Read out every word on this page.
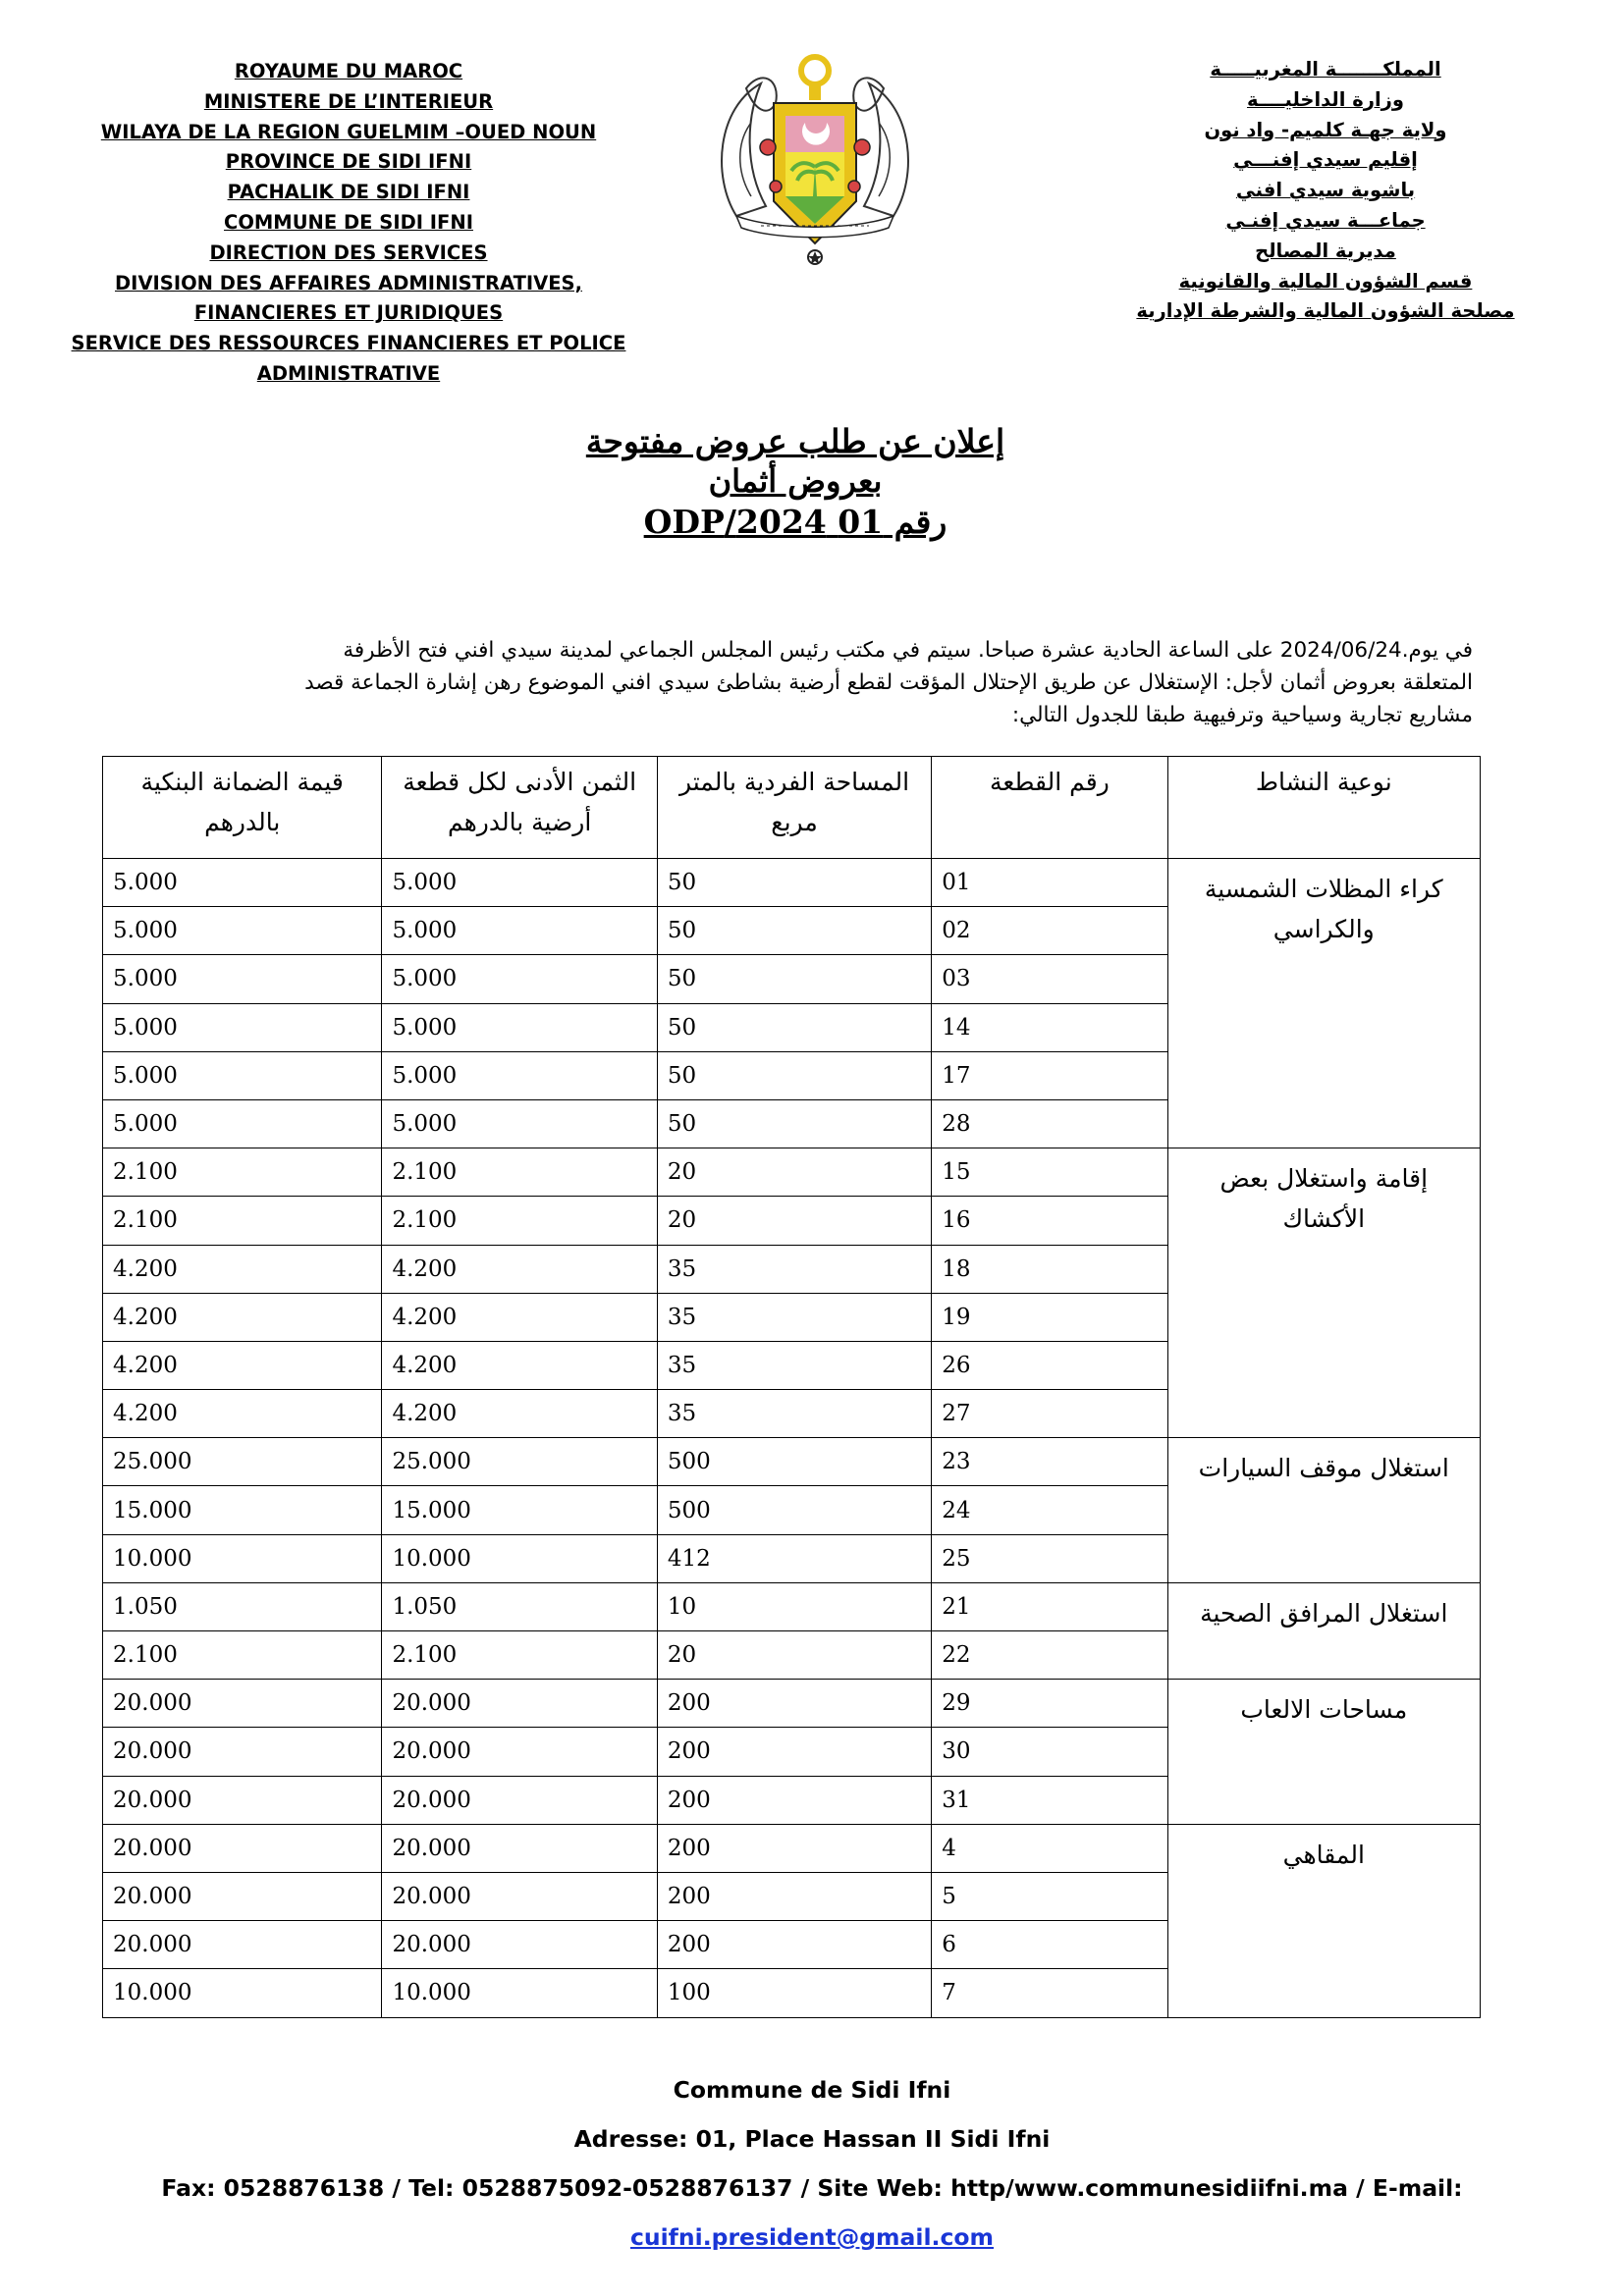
ROYAUME DU MAROC
MINISTERE DE L’INTERIEUR
WILAYA DE LA REGION GUELMIM –OUED NOUN
PROVINCE DE SIDI IFNI
PACHALIK DE SIDI IFNI
COMMUNE DE SIDI IFNI
DIRECTION DES SERVICES
DIVISION DES AFFAIRES ADMINISTRATIVES,
FINANCIERES ET JURIDIQUES
SERVICE DES RESSOURCES FINANCIERES ET POLICE
ADMINISTRATIVE
المملكـــــــة المغربيـــــة
وزارة الداخليــــة
ولاية جهـة كلميم- واد نون
إقليم سيدي إفنـــي
باشوية سيدي افني
جماعـــة سيدي إفنـي
مديرية المصالح
قسم الشؤون المالية والقانونية
مصلحة الشؤون المالية والشرطة الإدارية
إعلان عن طلب عروض مفتوحة
بعروض أثمان
رقم 01 2024/ODP
في يوم.2024/06/24 على الساعة الحادية عشرة صباحا. سيتم في مكتب رئيس المجلس الجماعي لمدينة سيدي افني فتح الأظرفة
المتعلقة بعروض أثمان لأجل: الإستغلال عن طريق الإحتلال المؤقت لقطع أرضية بشاطئ سيدي افني الموضوع رهن إشارة الجماعة قصد
مشاريع تجارية وسياحية وترفيهية طبقا للجدول التالي:
نوعية النشاط	رقم القطعة	المساحة الفردية بالمتر مربع	الثمن الأدنى لكل قطعة أرضية بالدرهم	قيمة الضمانة البنكية بالدرهم
كراء المظلات الشمسية والكراسي	01	50	5.000	5.000
	02	50	5.000	5.000
	03	50	5.000	5.000
	14	50	5.000	5.000
	17	50	5.000	5.000
	28	50	5.000	5.000
إقامة واستغلال بعض الأكشاك	15	20	2.100	2.100
	16	20	2.100	2.100
	18	35	4.200	4.200
	19	35	4.200	4.200
	26	35	4.200	4.200
	27	35	4.200	4.200
استغلال موقف السيارات	23	500	25.000	25.000
	24	500	15.000	15.000
	25	412	10.000	10.000
استغلال المرافق الصحية	21	10	1.050	1.050
	22	20	2.100	2.100
مساحات الالعاب	29	200	20.000	20.000
	30	200	20.000	20.000
	31	200	20.000	20.000
المقاهي	4	200	20.000	20.000
	5	200	20.000	20.000
	6	200	20.000	20.000
	7	100	10.000	10.000
Commune de Sidi Ifni
Adresse: 01, Place Hassan II Sidi Ifni
Fax: 0528876138 / Tel: 0528875092-0528876137 / Site Web: http/www.communesidiifni.ma / E-mail:
cuifni.president@gmail.com
